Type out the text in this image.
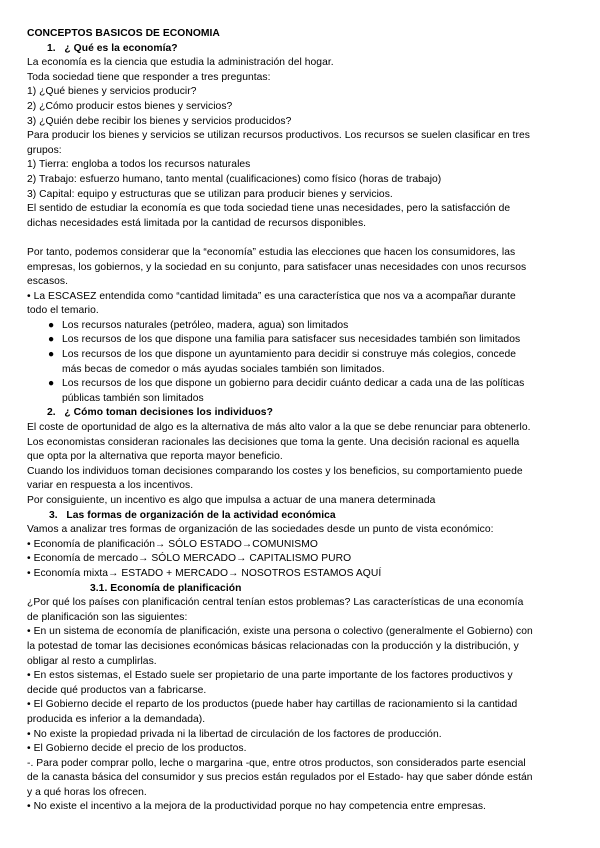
CONCEPTOS BASICOS DE ECONOMIA
1. ¿ Qué es la economía?
La economía es la ciencia que estudia la administración del hogar.
Toda sociedad tiene que responder a tres preguntas:
1) ¿Qué bienes y servicios producir?
2) ¿Cómo producir estos bienes y servicios?
3) ¿Quién debe recibir los bienes y servicios producidos?
Para producir los bienes y servicios se utilizan recursos productivos. Los recursos se suelen clasificar en tres
grupos:
1) Tierra: engloba a todos los recursos naturales
2) Trabajo: esfuerzo humano, tanto mental (cualificaciones) como físico (horas de trabajo)
3) Capital: equipo y estructuras que se utilizan para producir bienes y servicios.
El sentido de estudiar la economía es que toda sociedad tiene unas necesidades, pero la satisfacción de
dichas necesidades está limitada por la cantidad de recursos disponibles.
Por tanto, podemos considerar que la “economía” estudia las elecciones que hacen los consumidores, las
empresas, los gobiernos, y la sociedad en su conjunto, para satisfacer unas necesidades con unos recursos
escasos.
• La ESCASEZ entendida como “cantidad limitada” es una característica que nos va a acompañar durante
todo el temario.
● Los recursos naturales (petróleo, madera, agua) son limitados
● Los recursos de los que dispone una familia para satisfacer sus necesidades también son limitados
● Los recursos de los que dispone un ayuntamiento para decidir si construye más colegios, concede
más becas de comedor o más ayudas sociales también son limitados.
● Los recursos de los que dispone un gobierno para decidir cuánto dedicar a cada una de las políticas
públicas también son limitados
2. ¿ Cómo toman decisiones los individuos?
El coste de oportunidad de algo es la alternativa de más alto valor a la que se debe renunciar para obtenerlo.
Los economistas consideran racionales las decisiones que toma la gente. Una decisión racional es aquella
que opta por la alternativa que reporta mayor beneficio.
Cuando los individuos toman decisiones comparando los costes y los beneficios, su comportamiento puede
variar en respuesta a los incentivos.
Por consiguiente, un incentivo es algo que impulsa a actuar de una manera determinada
3. Las formas de organización de la actividad económica
Vamos a analizar tres formas de organización de las sociedades desde un punto de vista económico:
• Economía de planificación→ SÓLO ESTADO→COMUNISMO
• Economía de mercado→ SÓLO MERCADO→ CAPITALISMO PURO
• Economía mixta→ ESTADO + MERCADO→ NOSOTROS ESTAMOS AQUÍ
3.1. Economía de planificación
¿Por qué los países con planificación central tenían estos problemas? Las características de una economía
de planificación son las siguientes:
• En un sistema de economía de planificación, existe una persona o colectivo (generalmente el Gobierno) con
la potestad de tomar las decisiones económicas básicas relacionadas con la producción y la distribución, y
obligar al resto a cumplirlas.
• En estos sistemas, el Estado suele ser propietario de una parte importante de los factores productivos y
decide qué productos van a fabricarse.
• El Gobierno decide el reparto de los productos (puede haber hay cartillas de racionamiento si la cantidad
producida es inferior a la demandada).
• No existe la propiedad privada ni la libertad de circulación de los factores de producción.
• El Gobierno decide el precio de los productos.
-. Para poder comprar pollo, leche o margarina -que, entre otros productos, son considerados parte esencial
de la canasta básica del consumidor y sus precios están regulados por el Estado- hay que saber dónde están
y a qué horas los ofrecen.
• No existe el incentivo a la mejora de la productividad porque no hay competencia entre empresas.
